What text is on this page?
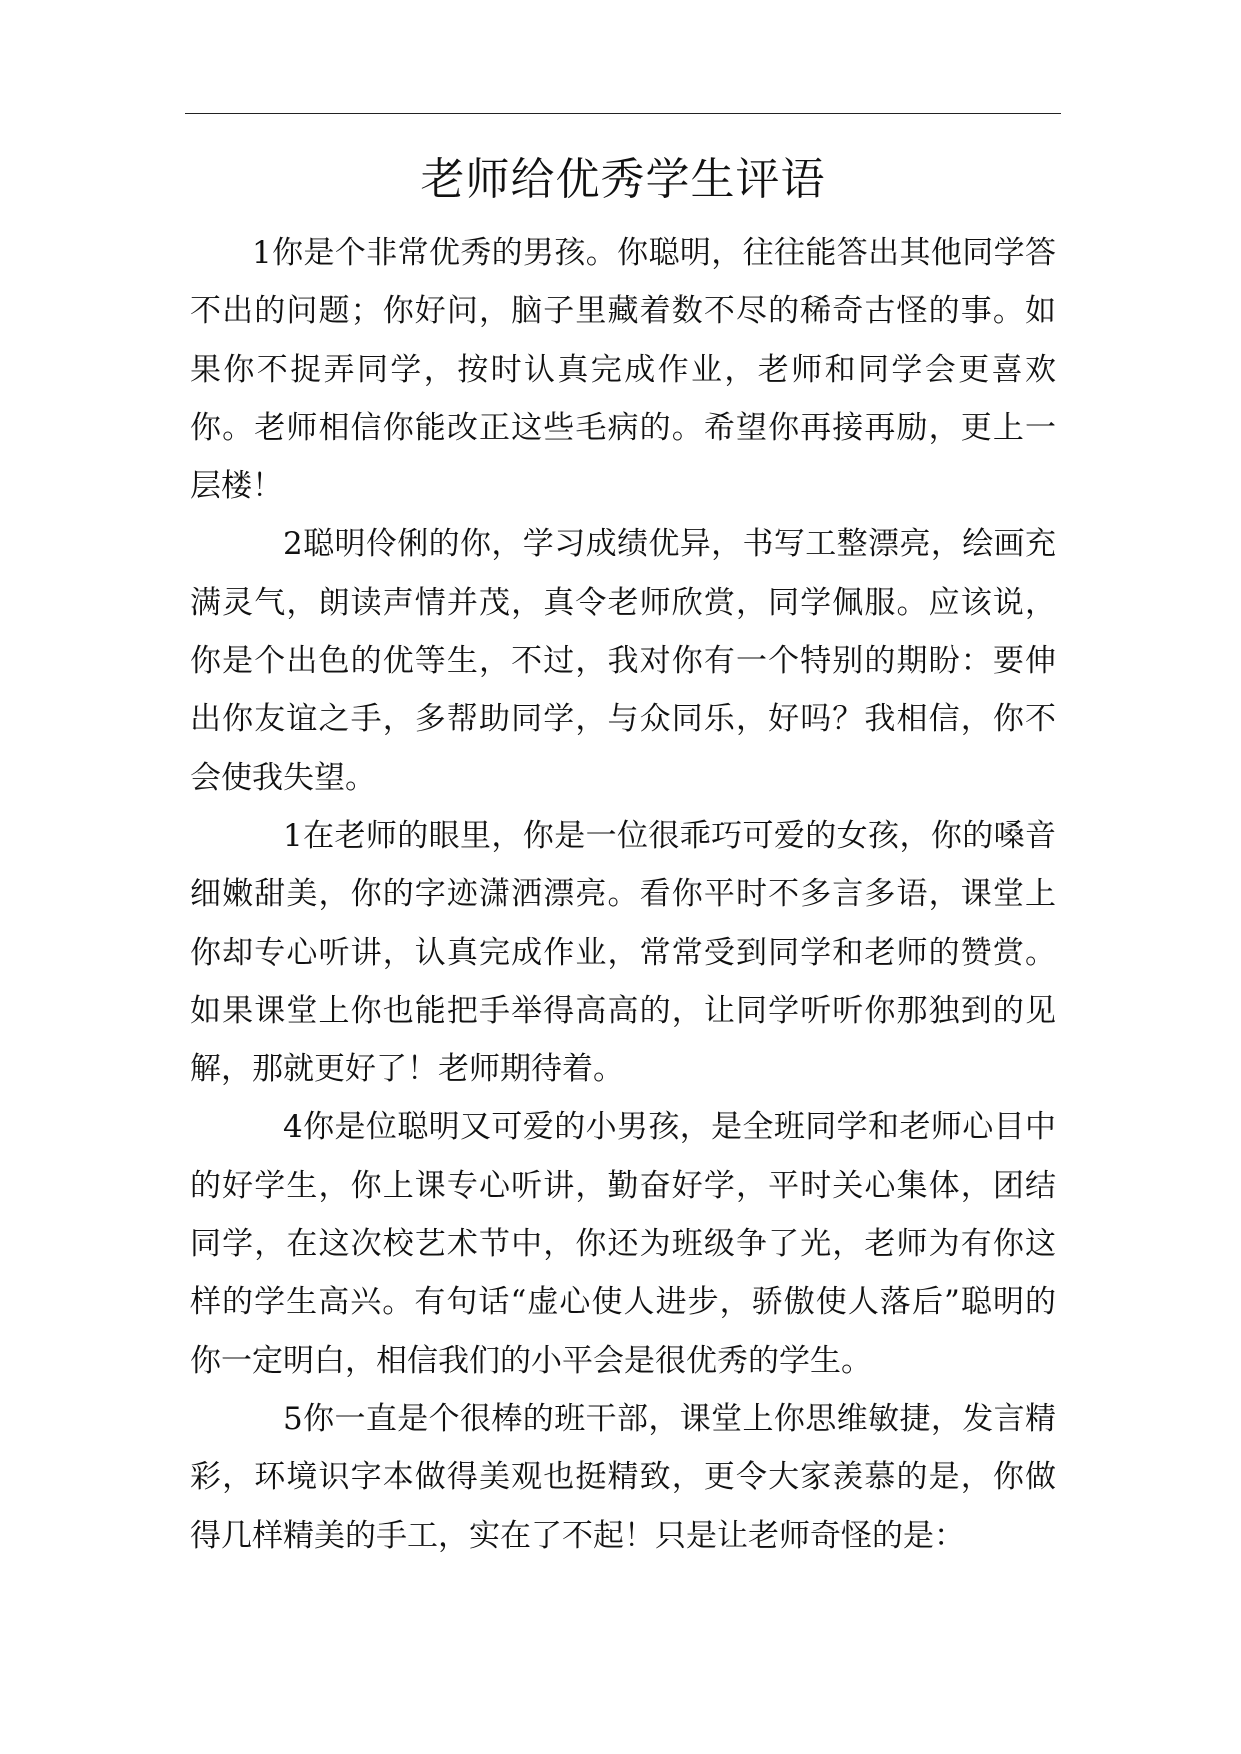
老师给优秀学生评语

1你是个非常优秀的男孩。你聪明，往往能答出其他同学答不出的问题；你好问，脑子里藏着数不尽的稀奇古怪的事。如果你不捉弄同学，按时认真完成作业，老师和同学会更喜欢你。老师相信你能改正这些毛病的。希望你再接再励，更上一层楼！

2聪明伶俐的你，学习成绩优异，书写工整漂亮，绘画充满灵气，朗读声情并茂，真令老师欣赏，同学佩服。应该说，你是个出色的优等生，不过，我对你有一个特别的期盼：要伸出你友谊之手，多帮助同学，与众同乐，好吗？我相信，你不会使我失望。

1在老师的眼里，你是一位很乖巧可爱的女孩，你的嗓音细嫩甜美，你的字迹潇洒漂亮。看你平时不多言多语，课堂上你却专心听讲，认真完成作业，常常受到同学和老师的赞赏。如果课堂上你也能把手举得高高的，让同学听听你那独到的见解，那就更好了！老师期待着。

4你是位聪明又可爱的小男孩，是全班同学和老师心目中的好学生，你上课专心听讲，勤奋好学，平时关心集体，团结同学，在这次校艺术节中，你还为班级争了光，老师为有你这样的学生高兴。有句话“虚心使人进步，骄傲使人落后”聪明的你一定明白，相信我们的小平会是很优秀的学生。

5你一直是个很棒的班干部，课堂上你思维敏捷，发言精彩，环境识字本做得美观也挺精致，更令大家羡慕的是，你做得几样精美的手工，实在了不起！只是让老师奇怪的是：
